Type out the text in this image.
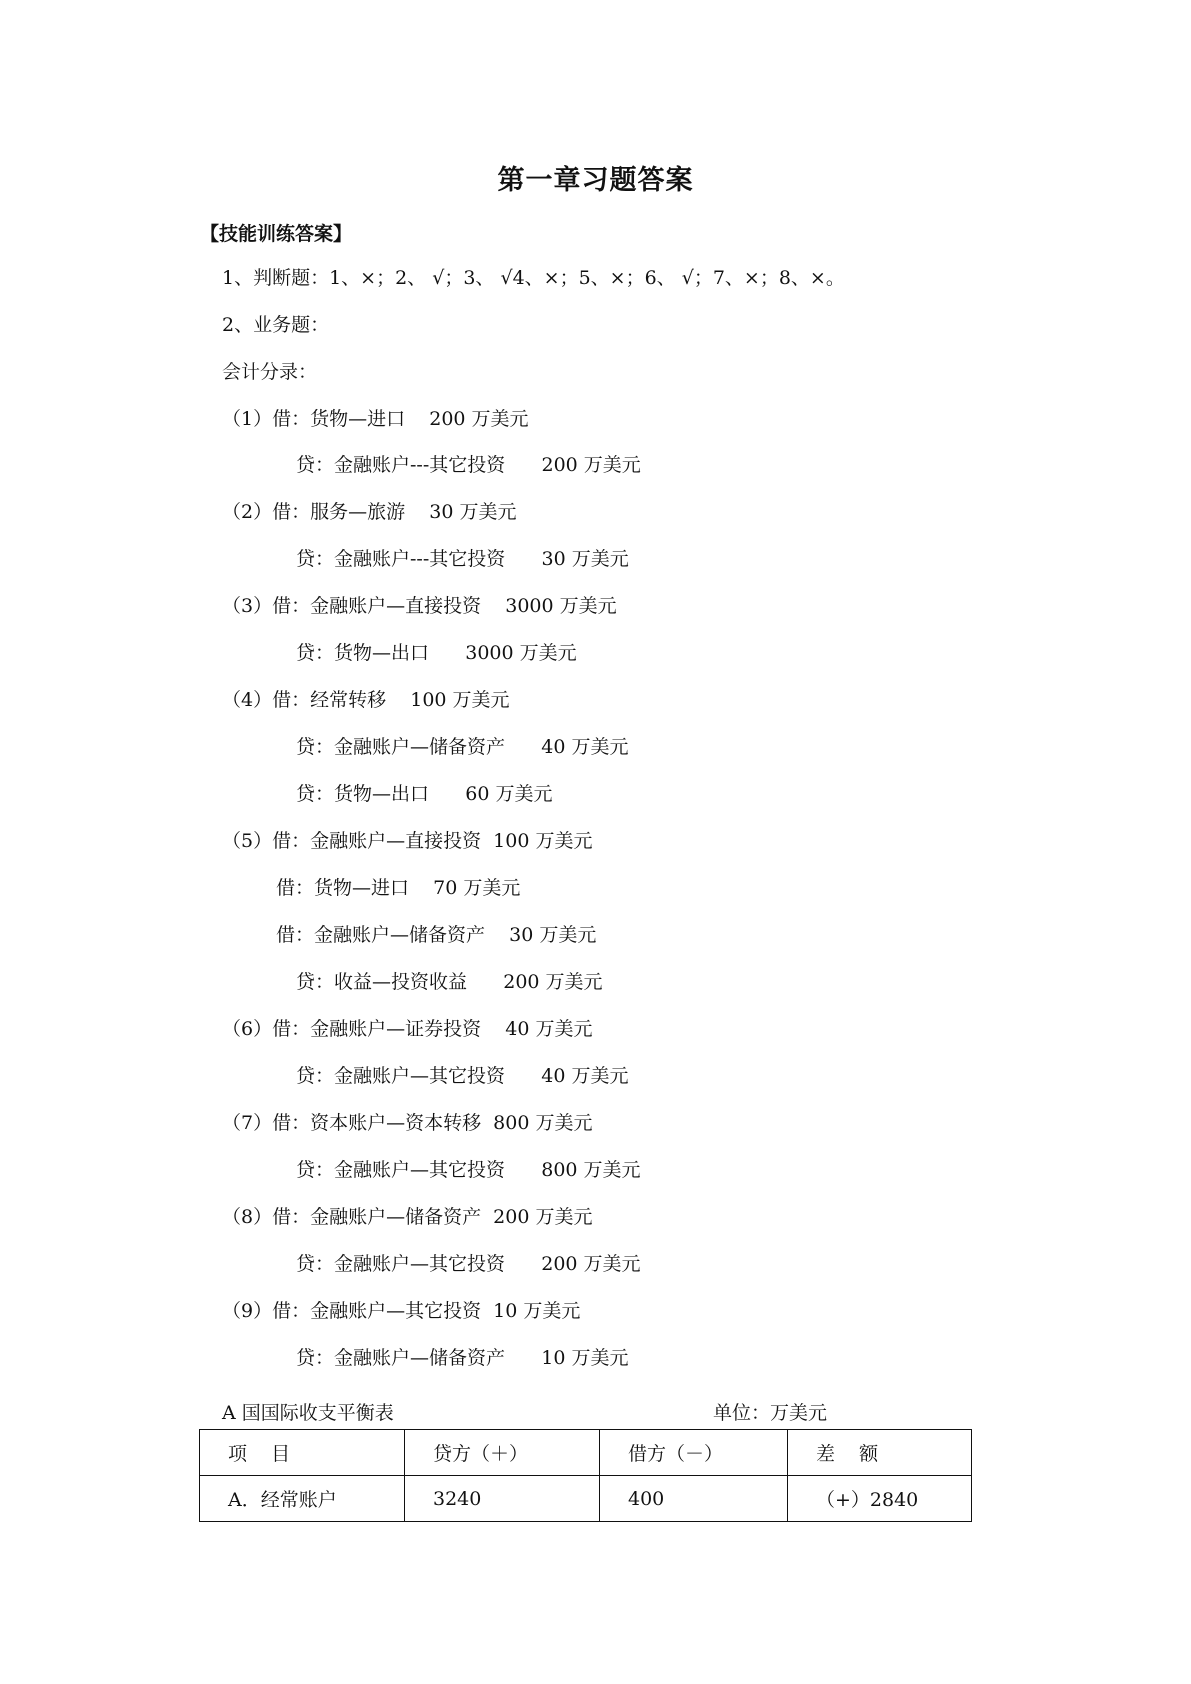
第一章习题答案
【技能训练答案】
1、判断题：1、×；2、 √；3、 √4、×；5、×；6、 √；7、×；8、×。
2、业务题：
会计分录：
（1）借：货物—进口    200 万美元
贷：金融账户---其它投资      200 万美元
（2）借：服务—旅游    30 万美元
贷：金融账户---其它投资      30 万美元
（3）借：金融账户—直接投资    3000 万美元
贷：货物—出口      3000 万美元
（4）借：经常转移    100 万美元
贷：金融账户—储备资产      40 万美元
贷：货物—出口      60 万美元
（5）借：金融账户—直接投资  100 万美元
借：货物—进口    70 万美元
借：金融账户—储备资产    30 万美元
贷：收益—投资收益      200 万美元
（6）借：金融账户—证券投资    40 万美元
贷：金融账户—其它投资      40 万美元
（7）借：资本账户—资本转移  800 万美元
贷：金融账户—其它投资      800 万美元
（8）借：金融账户—储备资产  200 万美元
贷：金融账户—其它投资      200 万美元
（9）借：金融账户—其它投资  10 万美元
贷：金融账户—储备资产      10 万美元
A 国国际收支平衡表	单位：万美元
项    目	贷方（＋）	借方（－）	差    额
A．经常账户	3240	400	（+）2840
